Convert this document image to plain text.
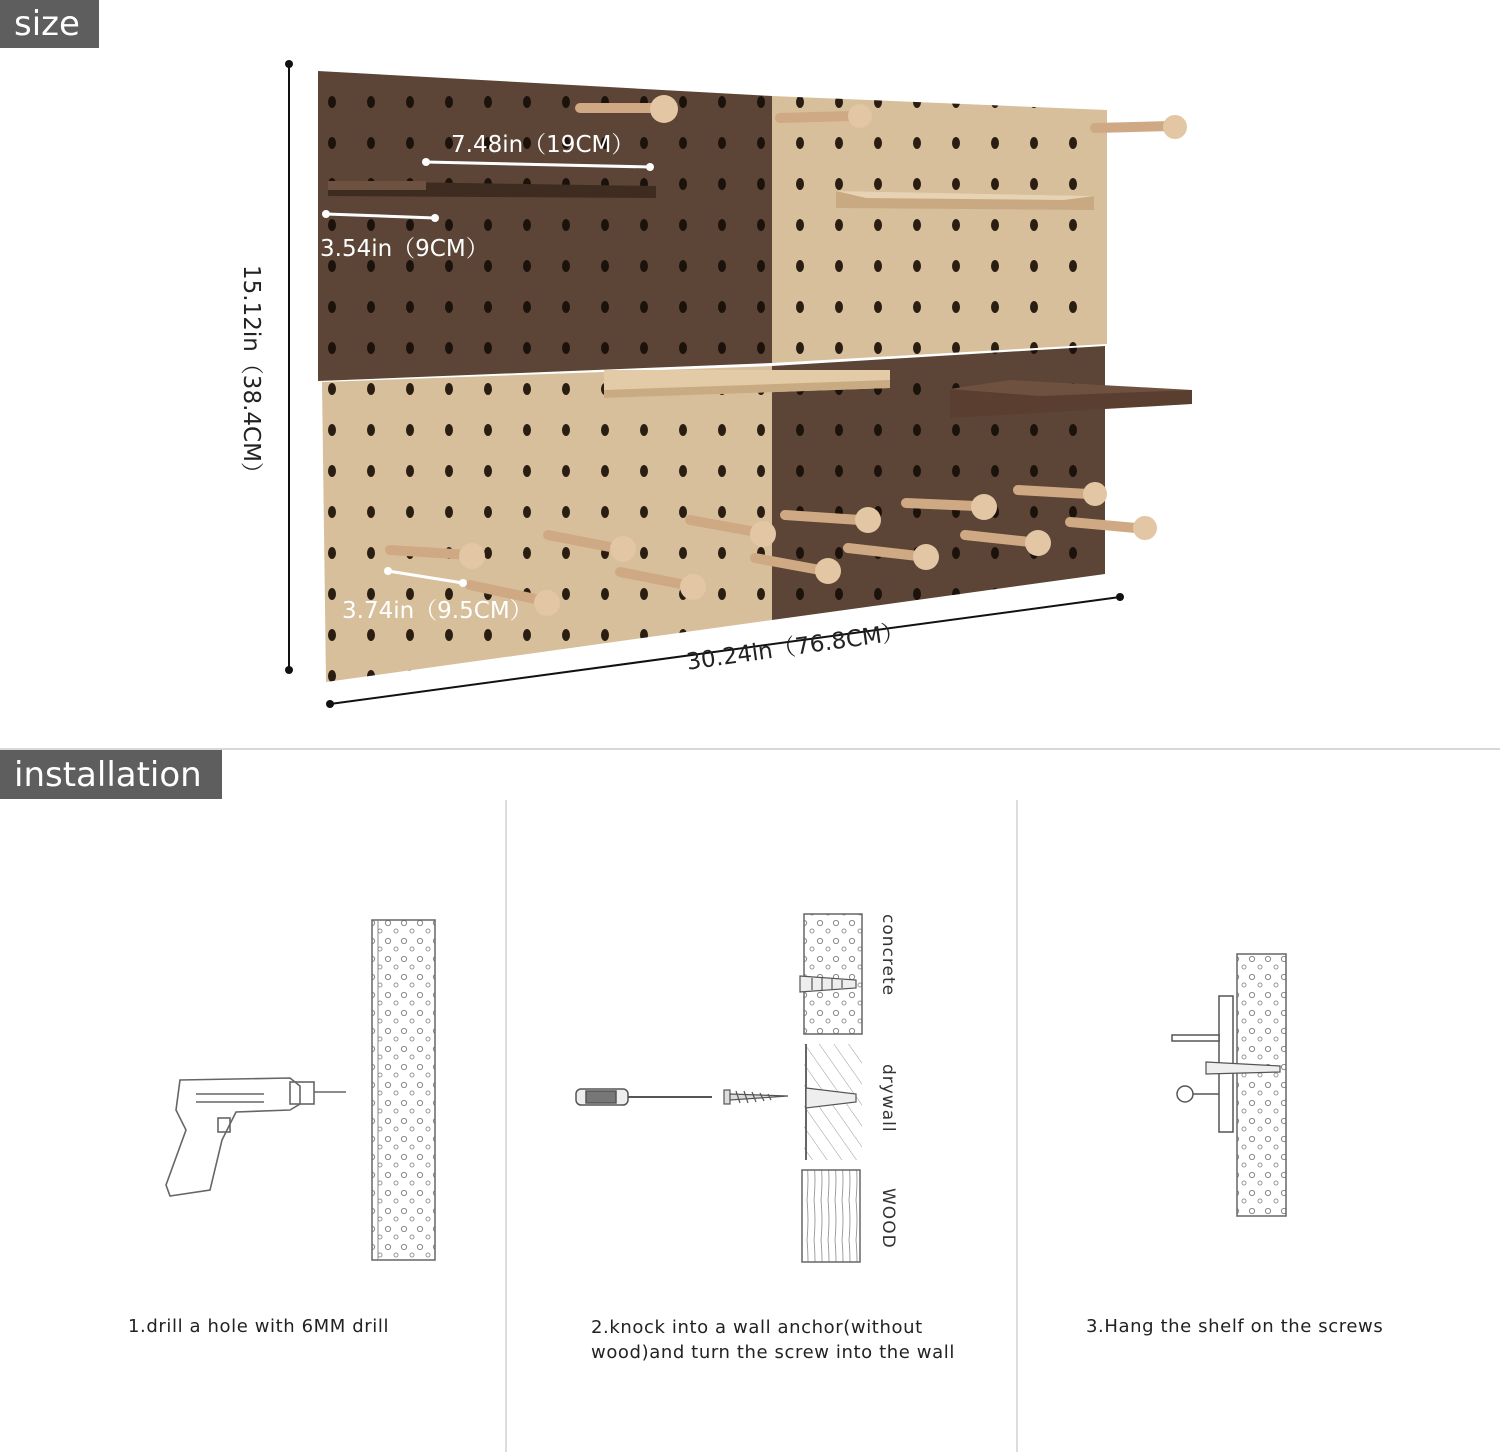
size
7.48in（19CM）
3.54in（9CM）
3.74in（9.5CM）
30.24in（76.8CM）
15.12in（38.4CM）
installation
concrete
drywall
WOOD
1.drill a hole with 6MM drill	2.knock into a wall anchor(without wood)and turn the screw into the wall
3.Hang the shelf on the screws
